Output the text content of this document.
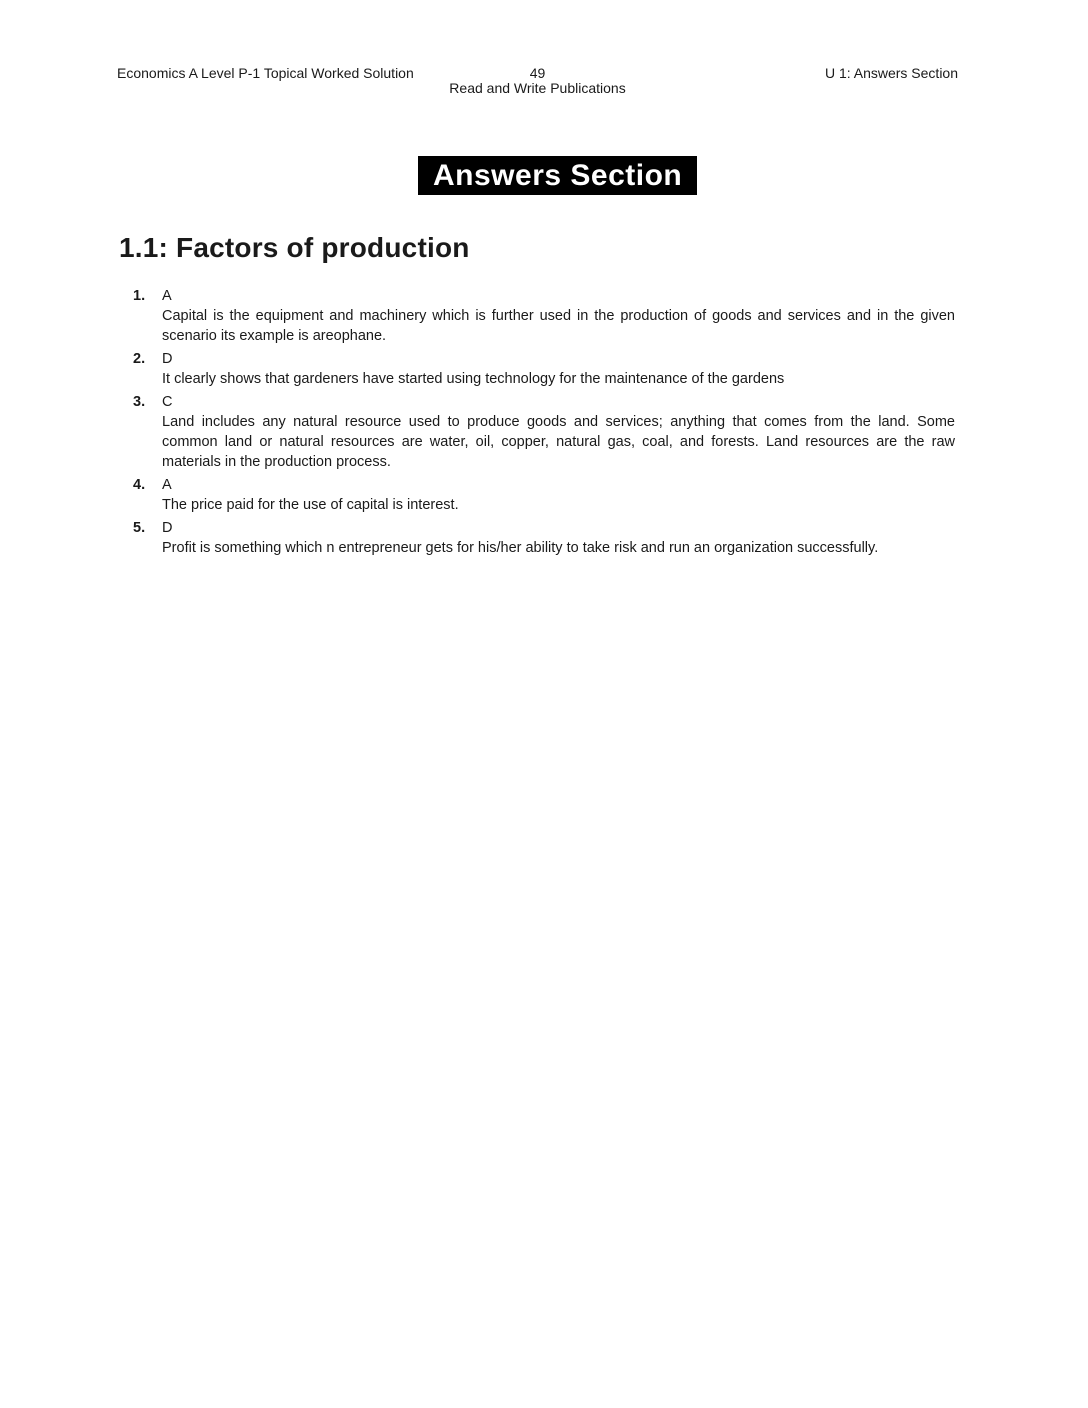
Economics A Level P-1 Topical Worked Solution	49
Read and Write Publications
U 1: Answers Section
Answers Section
1.1: Factors of production
1.	A
Capital is the equipment and machinery which is further used in the production of goods and services and in the given scenario its example is areophane.
2.	D
It clearly shows that gardeners have started using technology for the maintenance of the gardens
3.	C
Land includes any natural resource used to produce goods and services; anything that comes from the land. Some common land or natural resources are water, oil, copper, natural gas, coal, and forests. Land resources are the raw materials in the production process.
4.	A
The price paid for the use of capital is interest.
5.	D
Profit is something which n entrepreneur gets for his/her ability to take risk and run an organization successfully.
